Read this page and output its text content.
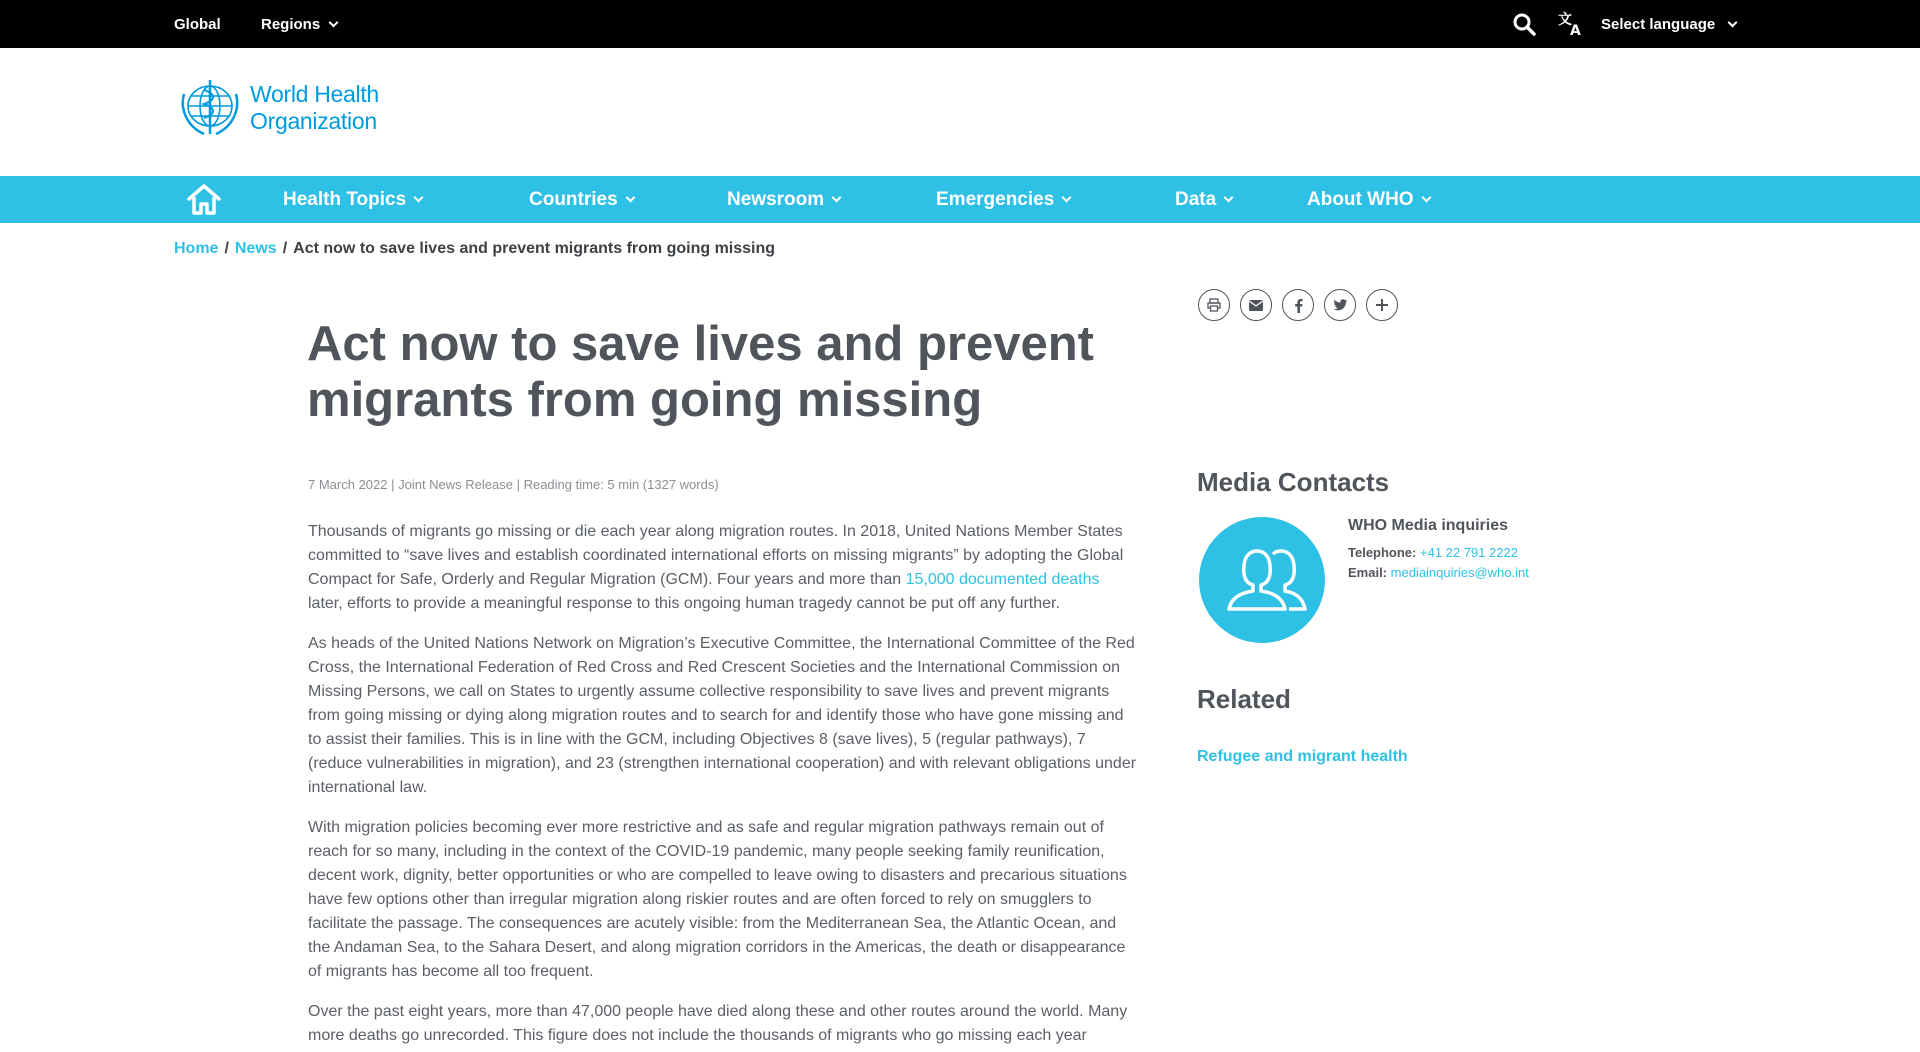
Global	Regions	文
A Select language
World Health
Organization
Health Topics	Countries	Newsroom	Emergencies	Data	About WHO
Home / News / Act now to save lives and prevent migrants from going missing
Act now to save lives and prevent migrants from going missing
7 March 2022 | Joint News Release | Reading time: 5 min (1327 words)

Thousands of migrants go missing or die each year along migration routes. In 2018, United Nations Member States committed to “save lives and establish coordinated international efforts on missing migrants” by adopting the Global Compact for Safe, Orderly and Regular Migration (GCM). Four years and more than 15,000 documented deaths later, efforts to provide a meaningful response to this ongoing human tragedy cannot be put off any further.

As heads of the United Nations Network on Migration’s Executive Committee, the International Committee of the Red Cross, the International Federation of Red Cross and Red Crescent Societies and the International Commission on Missing Persons, we call on States to urgently assume collective responsibility to save lives and prevent migrants from going missing or dying along migration routes and to search for and identify those who have gone missing and to assist their families. This is in line with the GCM, including Objectives 8 (save lives), 5 (regular pathways), 7 (reduce vulnerabilities in migration), and 23 (strengthen international cooperation) and with relevant obligations under international law.

With migration policies becoming ever more restrictive and as safe and regular migration pathways remain out of reach for so many, including in the context of the COVID-19 pandemic, many people seeking family reunification, decent work, dignity, better opportunities or who are compelled to leave owing to disasters and precarious situations have few options other than irregular migration along riskier routes and are often forced to rely on smugglers to facilitate the passage. The consequences are acutely visible: from the Mediterranean Sea, the Atlantic Ocean, and the Andaman Sea, to the Sahara Desert, and along migration corridors in the Americas, the death or disappearance of migrants has become all too frequent.

Over the past eight years, more than 47,000 people have died along these and other routes around the world. Many more deaths go unrecorded. This figure does not include the thousands of migrants who go missing each year

Media Contacts
WHO Media inquiries
Telephone: +41 22 791 2222
Email: mediainquiries@who.int
Related
Refugee and migrant health
